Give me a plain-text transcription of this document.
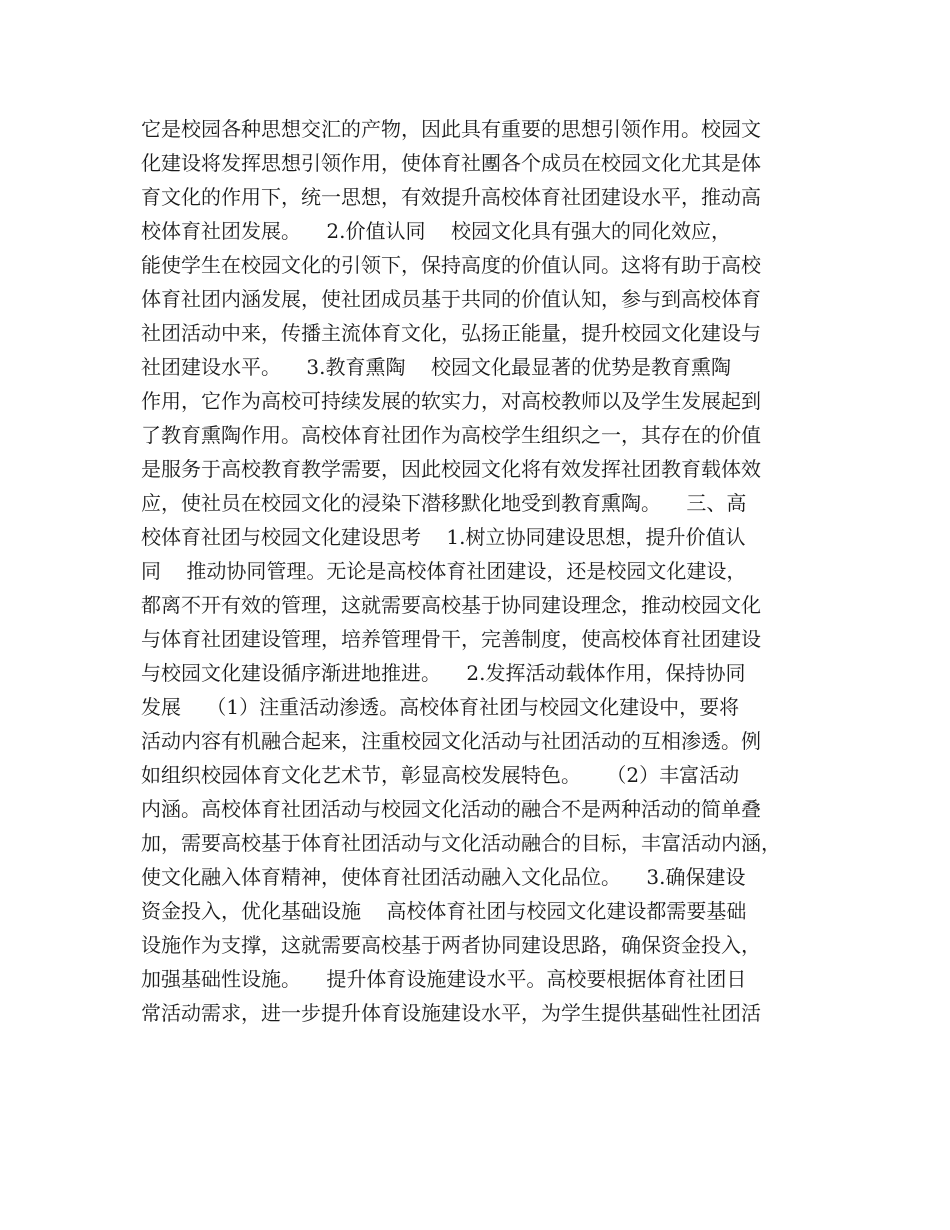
它是校园各种思想交汇的产物，因此具有重要的思想引领作用。校园文
化建设将发挥思想引领作用，使体育社團各个成员在校园文化尤其是体
育文化的作用下，统一思想，有效提升高校体育社团建设水平，推动高
校体育社团发展。    2.价值认同    校园文化具有强大的同化效应，
能使学生在校园文化的引领下，保持高度的价值认同。这将有助于高校
体育社团内涵发展，使社团成员基于共同的价值认知，参与到高校体育
社团活动中来，传播主流体育文化，弘扬正能量，提升校园文化建设与
社团建设水平。    3.教育熏陶    校园文化最显著的优势是教育熏陶
作用，它作为高校可持续发展的软实力，对高校教师以及学生发展起到
了教育熏陶作用。高校体育社团作为高校学生组织之一，其存在的价值
是服务于高校教育教学需要，因此校园文化将有效发挥社团教育载体效
应，使社员在校园文化的浸染下潜移默化地受到教育熏陶。    三、高
校体育社团与校园文化建设思考    1.树立协同建设思想，提升价值认
同    推动协同管理。无论是高校体育社团建设，还是校园文化建设，
都离不开有效的管理，这就需要高校基于协同建设理念，推动校园文化
与体育社团建设管理，培养管理骨干，完善制度，使高校体育社团建设
与校园文化建设循序渐进地推进。    2.发挥活动载体作用，保持协同
发展    （1）注重活动渗透。高校体育社团与校园文化建设中，要将
活动内容有机融合起来，注重校园文化活动与社团活动的互相渗透。例
如组织校园体育文化艺术节，彰显高校发展特色。    （2）丰富活动
内涵。高校体育社团活动与校园文化活动的融合不是两种活动的简单叠
加，需要高校基于体育社团活动与文化活动融合的目标，丰富活动内涵，
使文化融入体育精神，使体育社团活动融入文化品位。    3.确保建设
资金投入，优化基础设施    高校体育社团与校园文化建设都需要基础
设施作为支撑，这就需要高校基于两者协同建设思路，确保资金投入，
加强基础性设施。    提升体育设施建设水平。高校要根据体育社团日
常活动需求，进一步提升体育设施建设水平，为学生提供基础性社团活
